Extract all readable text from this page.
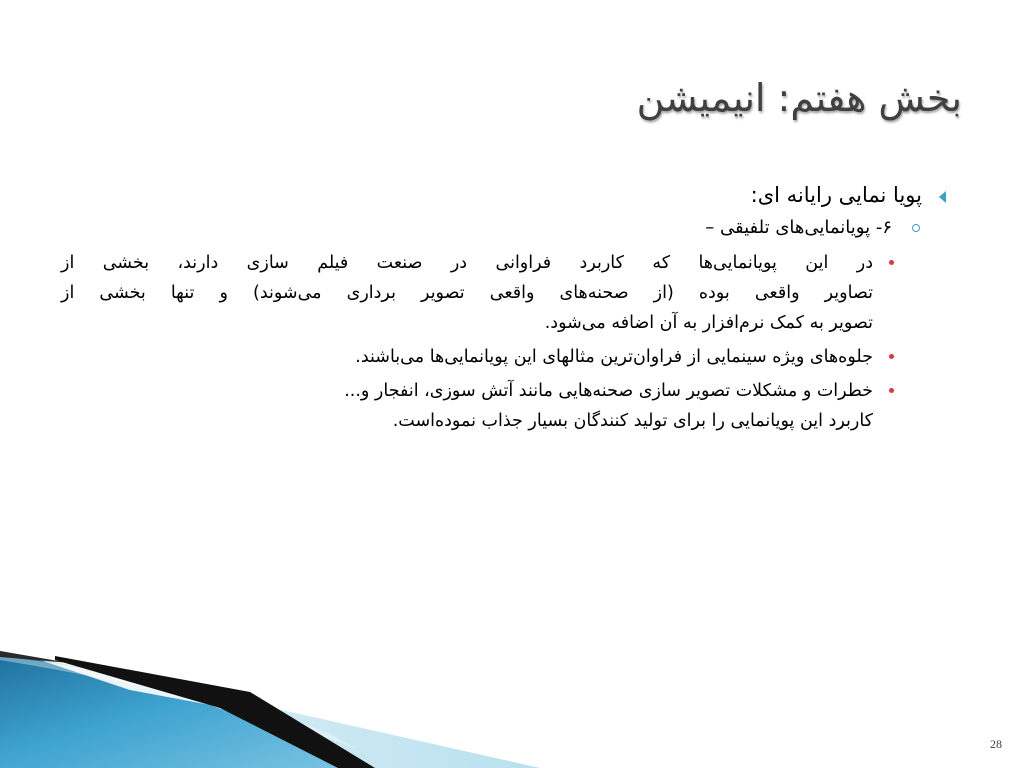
بخش هفتم: انیمیشن
پویا نمایی رایانه ای:
۶- پویانمایی‌های تلفیقی –
در این پویانمایی‌ها که کاربرد فراوانی در صنعت فیلم سازی دارند، بخشی از
تصاویر واقعی بوده (از صحنه‌های واقعی تصویر برداری می‌شوند) و تنها بخشی از
تصویر به کمک نرم‌افزار به آن اضافه می‌شود.
جلوه‌های ویژه سینمایی از فراوان‌ترین مثالهای این پویانمایی‌ها می‌باشند.
خطرات و مشکلات تصویر سازی صحنه‌هایی مانند آتش سوزی، انفجار و...
کاربرد این پویانمایی را برای تولید کنندگان بسیار جذاب نموده‌است.
28
